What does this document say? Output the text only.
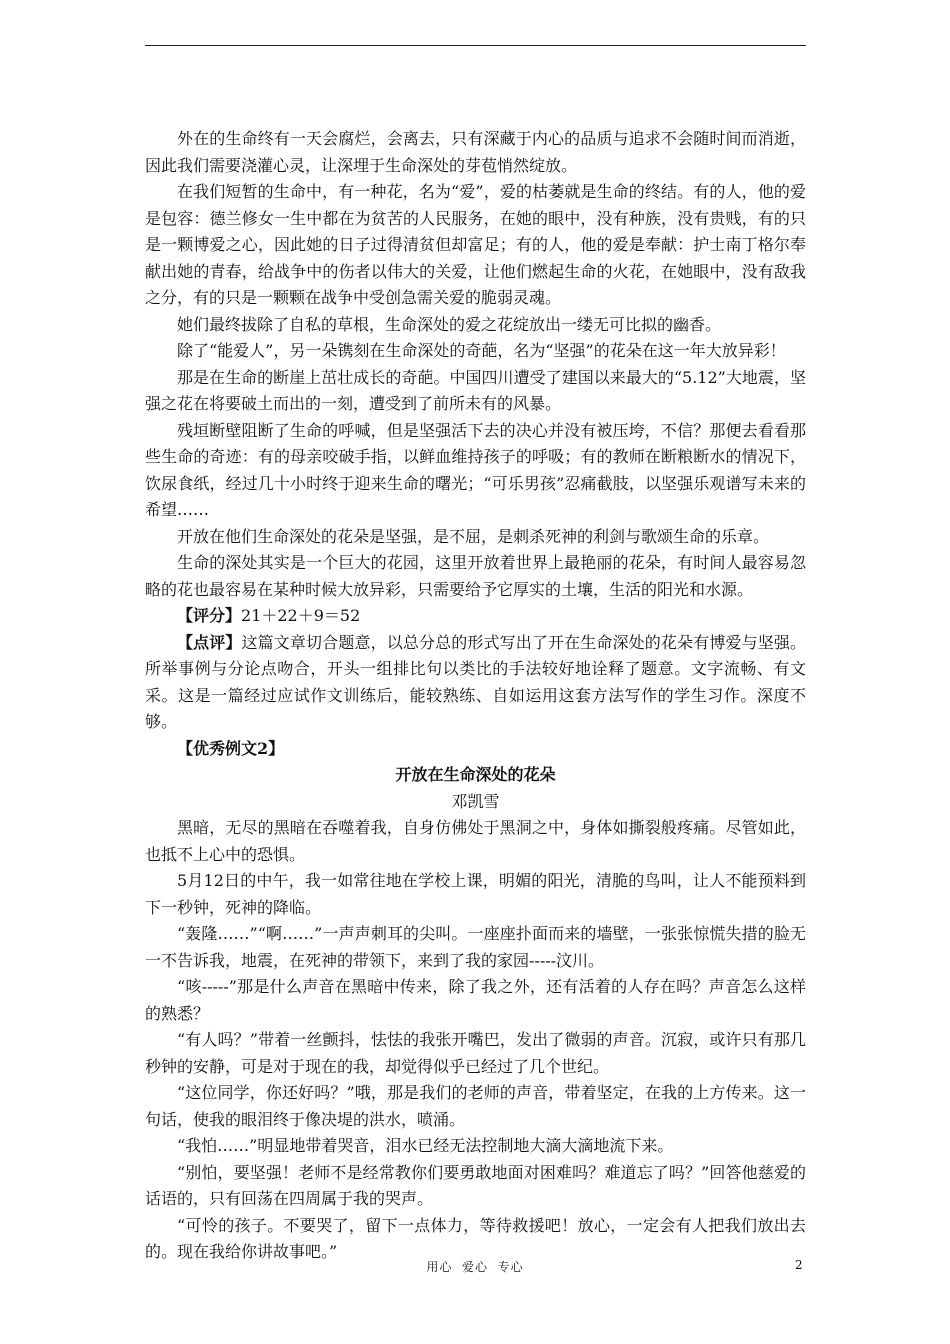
外在的生命终有一天会腐烂，会离去，只有深藏于内心的品质与追求不会随时间而消逝，因此我们需要浇灌心灵，让深埋于生命深处的芽苞悄然绽放。

在我们短暂的生命中，有一种花，名为“爱”，爱的枯萎就是生命的终结。有的人，他的爱是包容：德兰修女一生中都在为贫苦的人民服务，在她的眼中，没有种族，没有贵贱，有的只是一颗博爱之心，因此她的日子过得清贫但却富足；有的人，他的爱是奉献：护士南丁格尔奉献出她的青春，给战争中的伤者以伟大的关爱，让他们燃起生命的火花，在她眼中，没有敌我之分，有的只是一颗颗在战争中受创急需关爱的脆弱灵魂。

她们最终拔除了自私的草根，生命深处的爱之花绽放出一缕无可比拟的幽香。

除了“能爱人”，另一朵镌刻在生命深处的奇葩，名为“坚强”的花朵在这一年大放异彩！

那是在生命的断崖上茁壮成长的奇葩。中国四川遭受了建国以来最大的“5.12”大地震，坚强之花在将要破土而出的一刻，遭受到了前所未有的风暴。

残垣断壁阻断了生命的呼喊，但是坚强活下去的决心并没有被压垮，不信？那便去看看那些生命的奇迹：有的母亲咬破手指，以鲜血维持孩子的呼吸；有的教师在断粮断水的情况下，饮尿食纸，经过几十小时终于迎来生命的曙光；“可乐男孩”忍痛截肢，以坚强乐观谱写未来的希望……

开放在他们生命深处的花朵是坚强，是不屈，是刺杀死神的利剑与歌颂生命的乐章。

生命的深处其实是一个巨大的花园，这里开放着世界上最艳丽的花朵，有时间人最容易忽略的花也最容易在某种时候大放异彩，只需要给予它厚实的土壤，生活的阳光和水源。

【评分】21＋22＋9＝52

【点评】这篇文章切合题意，以总分总的形式写出了开在生命深处的花朵有博爱与坚强。所举事例与分论点吻合，开头一组排比句以类比的手法较好地诠释了题意。文字流畅、有文采。这是一篇经过应试作文训练后，能较熟练、自如运用这套方法写作的学生习作。深度不够。

【优秀例文2】

开放在生命深处的花朵

邓凯雪

黑暗，无尽的黑暗在吞噬着我，自身仿佛处于黑洞之中，身体如撕裂般疼痛。尽管如此，也抵不上心中的恐惧。

5月12日的中午，我一如常往地在学校上课，明媚的阳光，清脆的鸟叫，让人不能预料到下一秒钟，死神的降临。

“轰隆……”“啊……”一声声刺耳的尖叫。一座座扑面而来的墙壁，一张张惊慌失措的脸无一不告诉我，地震，在死神的带领下，来到了我的家园-----汶川。

“咳-----”那是什么声音在黑暗中传来，除了我之外，还有活着的人存在吗？声音怎么这样的熟悉？

“有人吗？”带着一丝颤抖，怯怯的我张开嘴巴，发出了微弱的声音。沉寂，或许只有那几秒钟的安静，可是对于现在的我，却觉得似乎已经过了几个世纪。

“这位同学，你还好吗？”哦，那是我们的老师的声音，带着坚定，在我的上方传来。这一句话，使我的眼泪终于像决堤的洪水，喷涌。

“我怕……”明显地带着哭音，泪水已经无法控制地大滴大滴地流下来。

“别怕，要坚强！老师不是经常教你们要勇敢地面对困难吗？难道忘了吗？”回答他慈爱的话语的，只有回荡在四周属于我的哭声。

“可怜的孩子。不要哭了，留下一点体力，等待救援吧！放心，一定会有人把我们放出去的。现在我给你讲故事吧。”

用心  爱心  专心	2
